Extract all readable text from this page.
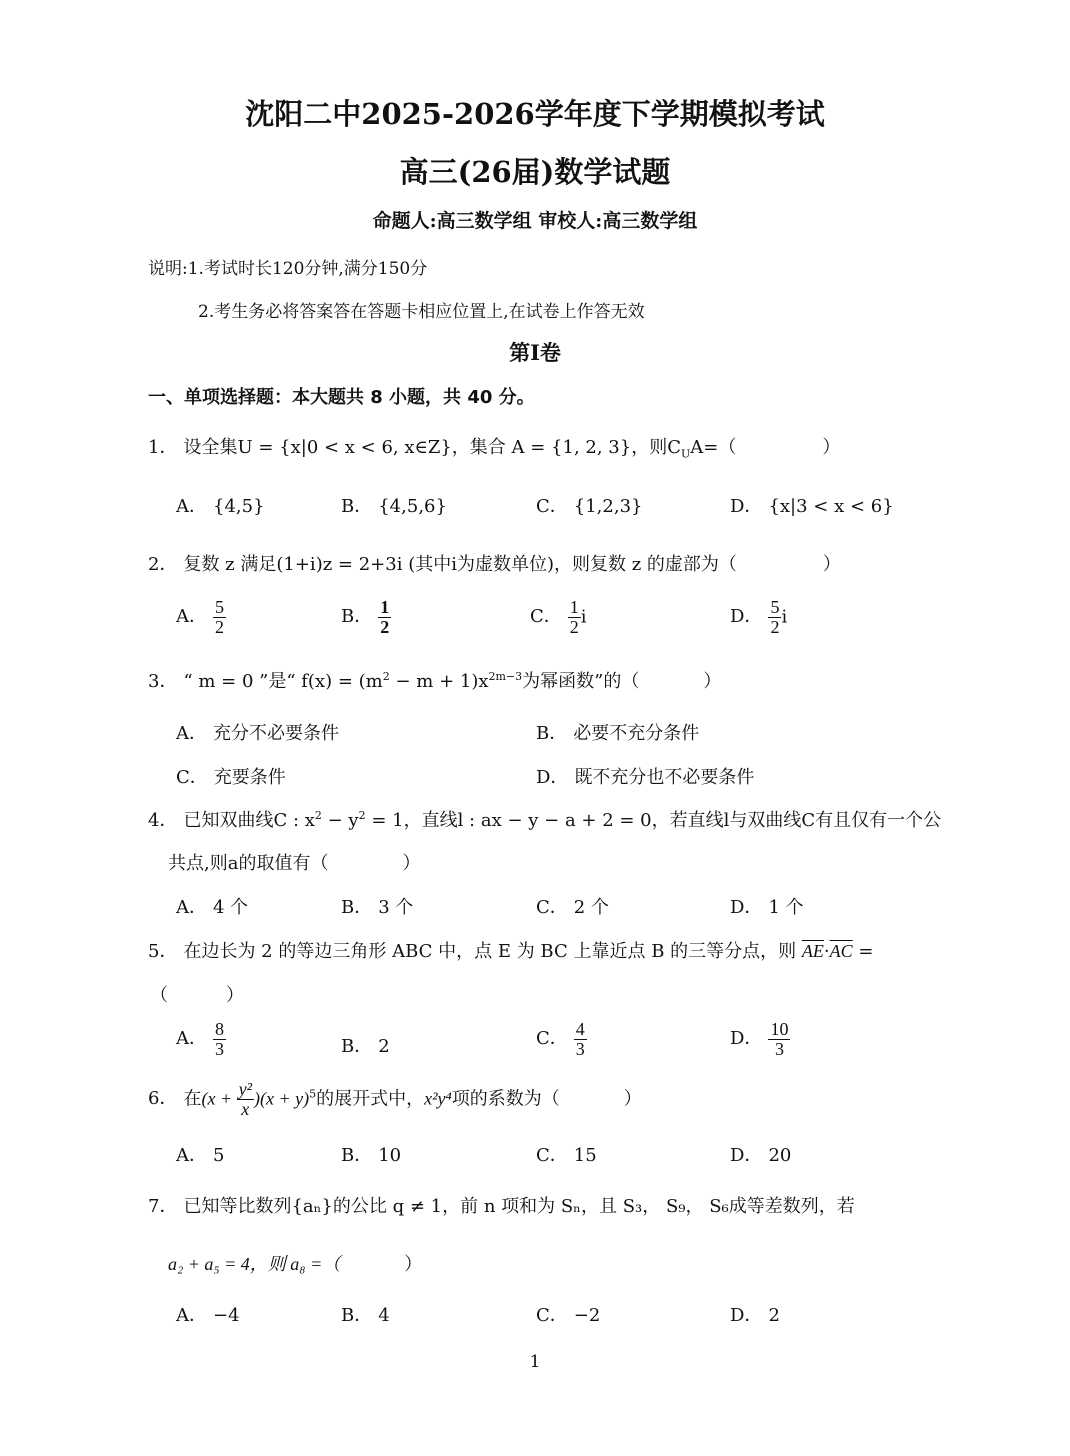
沈阳二中2025-2026学年度下学期模拟考试
高三(26届)数学试题
命题人:高三数学组 审校人:高三数学组
说明:1.考试时长120分钟,满分150分
2.考生务必将答案答在答题卡相应位置上,在试卷上作答无效
第Ⅰ卷
一、单项选择题：本大题共 8 小题，共 40 分。
1． 设全集U = {x|0 < x < 6, x∈Z}，集合 A = {1, 2, 3}，则$C_UA=$（	）
A． {4,5}	B． {4,5,6}	C． {1,2,3}	D． {x|3 < x < 6}
2． 复数 z 满足(1+i)z = 2+3i (其中i为虚数单位)，则复数 z 的虚部为（	）
A． $\frac{5}{2}$	B． $\frac{1}{2}$	C． $\frac{1}{2}$ i	D． $\frac{5}{2}$ i
3． “ m = 0 ”是“ $f(x) = (m^2 - m + 1)x^{2m-3}$为幂函数”的（	）
A． 充分不必要条件	B． 必要不充分条件
C． 充要条件	D． 既不充分也不必要条件
4． 已知双曲线C : $x^2 - y^2 = 1$，直线l : ax − y − a + 2 = 0，若直线l与双曲线C有且仅有一个公
共点,则a的取值有（	）
A． 4 个	B． 3 个	C． 2 个	D． 1 个
5． 在边长为 2 的等边三角形 ABC 中，点 E 为 BC 上靠近点 B 的三等分点，则 $\overline{AE}\cdot\overline{AC}$ =
（	）
A． $\frac{8}{3}$	B． 2	C． $\frac{4}{3}$	D． $\frac{10}{3}$
6． 在$(x + \frac{\text{y²}}{x} )(x + y)^5$的展开式中，x²y⁴项的系数为（	）
A． 5	B． 10	C． 15	D． 20
7． 已知等比数列{aₙ}的公比 q ≠ 1，前 n 项和为 Sₙ，且 S₃， S₉， S₆成等差数列，若
a₂ + a₅ = 4，则 a₈ =（	）
A． −4	B． 4	C． −2	D． 2
1
